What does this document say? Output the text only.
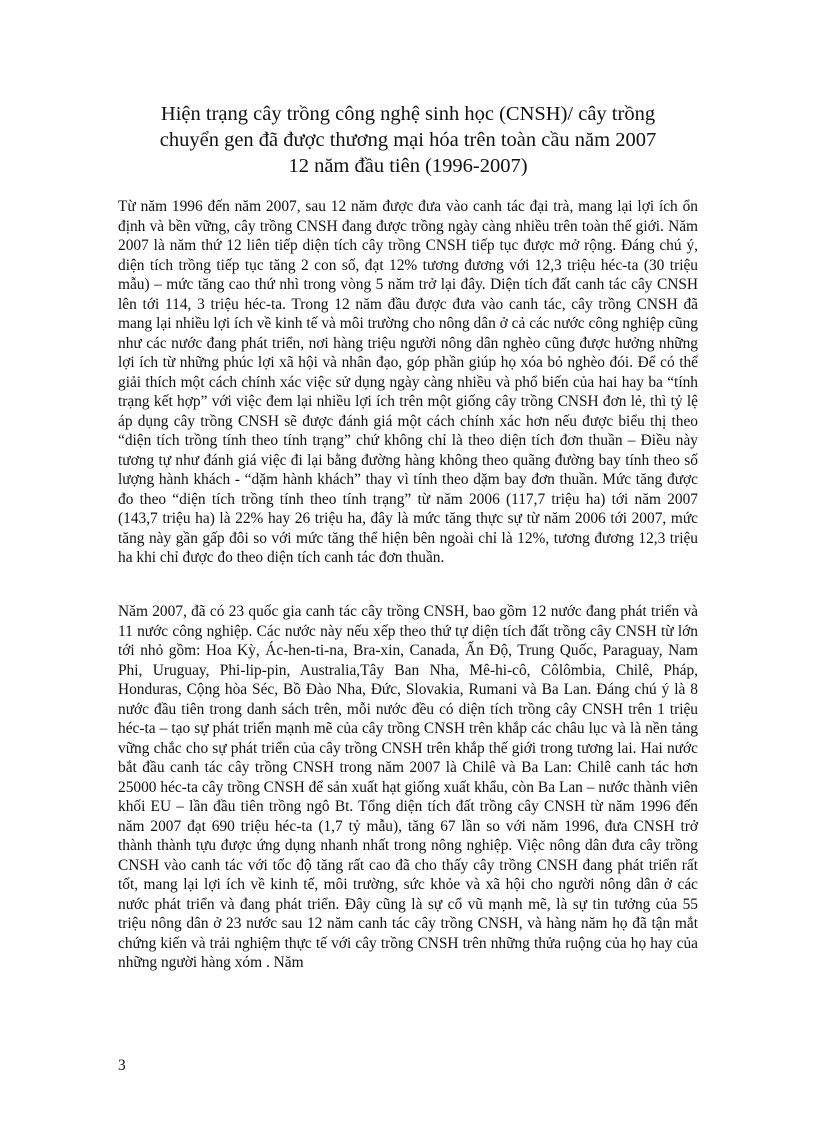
Hiện trạng cây trồng công nghệ sinh học (CNSH)/ cây trồng
chuyển gen đã được thương mại hóa trên toàn cầu năm 2007
12 năm đầu tiên (1996-2007)

Từ năm 1996 đến năm 2007, sau 12 năm được đưa vào canh tác đại trà, mang lại lợi ích ổn định và bền vững, cây trồng CNSH đang được trồng ngày càng nhiều trên toàn thế giới. Năm 2007 là năm thứ 12 liên tiếp diện tích cây trồng CNSH tiếp tục được mở rộng. Đáng chú ý, diện tích trồng tiếp tục tăng 2 con số, đạt 12% tương đương với 12,3 triệu héc-ta (30 triệu mẫu) – mức tăng cao thứ nhì trong vòng 5 năm trở lại đây. Diện tích đất canh tác cây CNSH lên tới 114, 3 triệu héc-ta. Trong 12 năm đầu được đưa vào canh tác, cây trồng CNSH đã mang lại nhiều lợi ích về kinh tế và môi trường cho nông dân ở cả các nước công nghiệp cũng như các nước đang phát triển, nơi hàng triệu người nông dân nghèo cũng được hưởng những lợi ích từ những phúc lợi xã hội và nhân đạo, góp phần giúp họ xóa bỏ nghèo đói. Để có thể giải thích một cách chính xác việc sử dụng ngày càng nhiều và phổ biến của hai hay ba “tính trạng kết hợp” với việc đem lại nhiều lợi ích trên một giống cây trồng CNSH đơn lẻ, thì tỷ lệ áp dụng cây trồng CNSH sẽ được đánh giá một cách chính xác hơn nếu được biểu thị theo “diện tích trồng tính theo tính trạng” chứ không chỉ là theo diện tích đơn thuần – Điều này tương tự như đánh giá việc đi lại bằng đường hàng không theo quãng đường bay tính theo số lượng hành khách - “dặm hành khách” thay vì tính theo dặm bay đơn thuần. Mức tăng được đo theo “diện tích trồng tính theo tính trạng” từ năm 2006 (117,7 triệu ha) tới năm 2007 (143,7 triệu ha) là 22% hay 26 triệu ha, đây là mức tăng thực sự từ năm 2006 tới 2007, mức tăng này gần gấp đôi so với mức tăng thể hiện bên ngoài chỉ là 12%, tương đương 12,3 triệu ha khi chỉ được đo theo diện tích canh tác đơn thuần.

Năm 2007, đã có 23 quốc gia canh tác cây trồng CNSH, bao gồm 12 nước đang phát triển và 11 nước công nghiệp. Các nước này nếu xếp theo thứ tự diện tích đất trồng cây CNSH từ lớn tới nhỏ gồm: Hoa Kỳ, Ác-hen-ti-na, Bra-xin, Canada, Ấn Độ, Trung Quốc, Paraguay, Nam Phi, Uruguay, Phi-lip-pin, Australia,Tây Ban Nha, Mê-hi-cô, Côlômbia, Chilê, Pháp, Honduras, Cộng hòa Séc, Bồ Đào Nha, Đức, Slovakia, Rumani và Ba Lan. Đáng chú ý là 8 nước đầu tiên trong danh sách trên, mỗi nước đều có diện tích trồng cây CNSH trên 1 triệu héc-ta – tạo sự phát triển mạnh mẽ của cây trồng CNSH trên khắp các châu lục và là nền tảng vững chắc cho sự phát triển của cây trồng CNSH trên khắp thế giới trong tương lai. Hai nước bắt đầu canh tác cây trồng CNSH trong năm 2007 là Chilê và Ba Lan: Chilê canh tác hơn 25000 héc-ta cây trồng CNSH để sản xuất hạt giống xuất khẩu, còn Ba Lan – nước thành viên khối EU – lần đầu tiên trồng ngô Bt. Tổng diện tích đất trồng cây CNSH từ năm 1996 đến năm 2007 đạt 690 triệu héc-ta (1,7 tỷ mẫu), tăng 67 lần so với năm 1996, đưa CNSH trở thành thành tựu được ứng dụng nhanh nhất trong nông nghiệp. Việc nông dân đưa cây trồng CNSH vào canh tác với tốc độ tăng rất cao đã cho thấy cây trồng CNSH đang phát triển rất tốt, mang lại lợi ích về kinh tế, môi trường, sức khỏe và xã hội cho người nông dân ở các nước phát triển và đang phát triển. Đây cũng là sự cổ vũ mạnh mẽ, là sự tin tưởng của 55 triệu nông dân ở 23 nước sau 12 năm canh tác cây trồng CNSH, và hàng năm họ đã tận mắt chứng kiến và trải nghiệm thực tế với cây trồng CNSH trên những thửa ruộng của họ hay của những người hàng xóm . Năm

3
